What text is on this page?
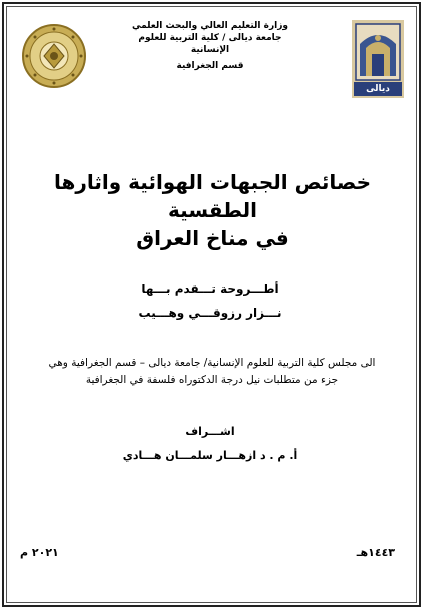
وزارة التعليم العالي والبحث العلمي
جامعة ديالى / كلية التربية للعلوم
الإنسانية
قسم الجغرافية
ديالى
خصائص الجبهات الهوائية واثارها الطقسية
في مناخ العراق
أطـــروحة تـــقدم بـــها
نـــزار رزوقـــي وهـــيب
الى مجلس كلية التربية للعلوم الإنسانية/ جامعة ديالى – قسم الجغرافية وهي
جزء من متطلبات نيل درجة الدكتوراه فلسفة في الجغرافية
اشـــراف
أ. م . د ازهـــار سلمـــان هـــادي
١٤٤٣هـ
٢٠٢١ م
